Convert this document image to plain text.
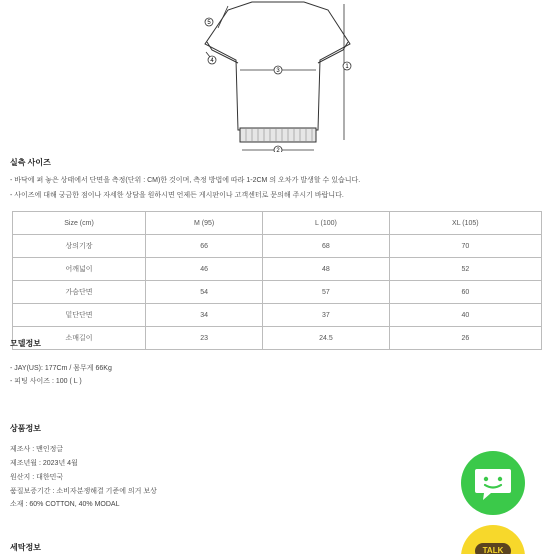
5
3
1
4
2
실측 사이즈
- 바닥에 펴 놓은 상태에서 단면을 측정(단위 : CM)한 것이며, 측정 방법에 따라 1-2CM 의 오차가 발생할 수 있습니다.
- 사이즈에 대해 궁금한 점이나 자세한 상담을 원하시면 언제든 게시판이나 고객센터로 문의해 주시기 바랍니다.
Size (cm)	M (95)	L (100)	XL (105)
상의기장	66	68	70
어깨넓이	46	48	52
가슴단면	54	57	60
밑단단면	34	37	40
소매길이	23	24.5	26
모델정보
- JAY(US): 177Cm / 몸무게 66Kg
- 피팅 사이즈 : 100 ( L )
상품정보
제조사 : 맨인정글
제조년월 : 2023년 4월
원산지 : 대한민국
품질보증기간 : 소비자분쟁해결 기준에 의거 보상
소재 : 60% COTTON, 40% MODAL
세탁정보	TALK
